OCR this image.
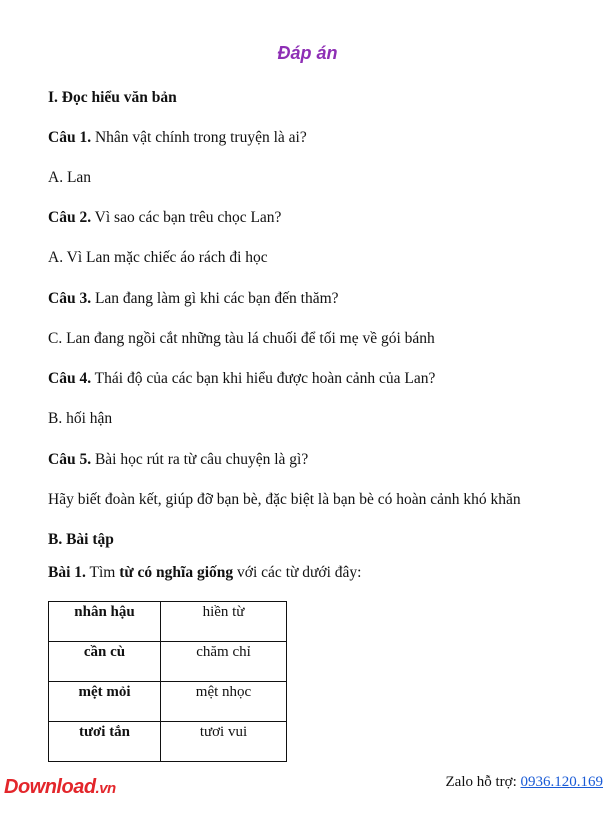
Đáp án
I. Đọc hiểu văn bản
Câu 1. Nhân vật chính trong truyện là ai?
A. Lan
Câu 2. Vì sao các bạn trêu chọc Lan?
A. Vì Lan mặc chiếc áo rách đi học
Câu 3. Lan đang làm gì khi các bạn đến thăm?
C. Lan đang ngồi cắt những tàu lá chuối để tối mẹ về gói bánh
Câu 4. Thái độ của các bạn khi hiểu được hoàn cảnh của Lan?
B. hối hận
Câu 5. Bài học rút ra từ câu chuyện là gì?
Hãy biết đoàn kết, giúp đỡ bạn bè, đặc biệt là bạn bè có hoàn cảnh khó khăn
B. Bài tập
Bài 1. Tìm từ có nghĩa giống với các từ dưới đây:
nhân hậu	hiền từ
cần cù	chăm chỉ
mệt mỏi	mệt nhọc
tươi tắn	tươi vui
Download.vn	Zalo hỗ trợ: 0936.120.169
